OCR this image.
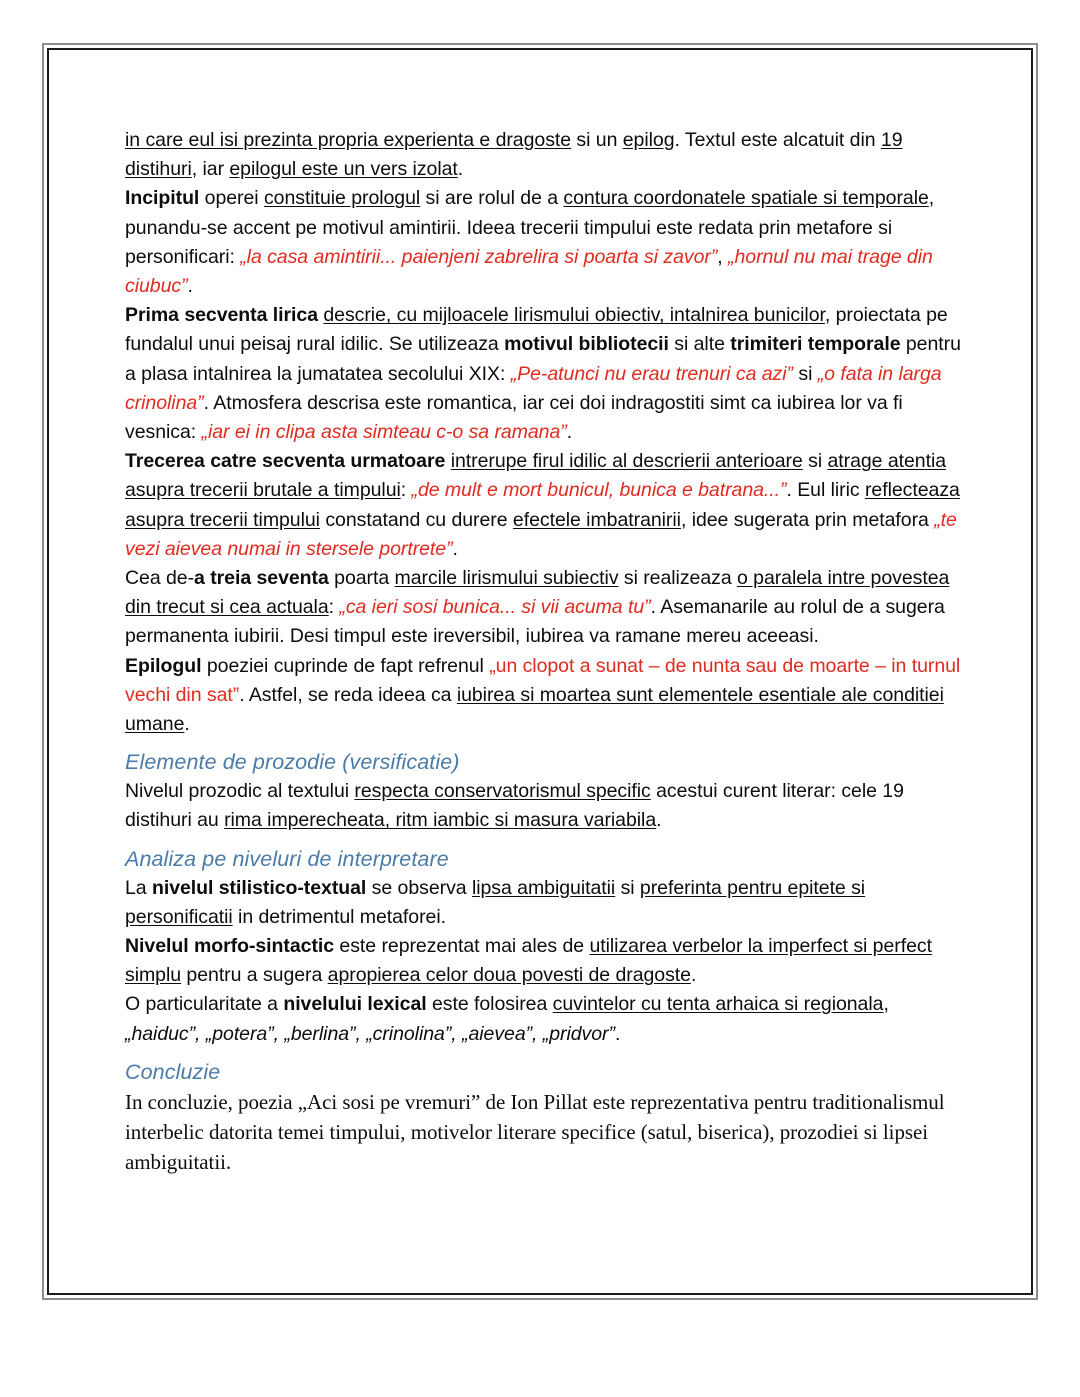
in care eul isi prezinta propria experienta e dragoste si un epilog. Textul este alcatuit din 19 distihuri, iar epilogul este un vers izolat.

Incipitul operei constituie prologul si are rolul de a contura coordonatele spatiale si temporale, punandu-se accent pe motivul amintirii. Ideea trecerii timpului este redata prin metafore si personificari: „la casa amintirii... paienjeni zabrelira si poarta si zavor”, „hornul nu mai trage din ciubuc”.

Prima secventa lirica descrie, cu mijloacele lirismului obiectiv, intalnirea bunicilor, proiectata pe fundalul unui peisaj rural idilic. Se utilizeaza motivul bibliotecii si alte trimiteri temporale pentru a plasa intalnirea la jumatatea secolului XIX: „Pe-atunci nu erau trenuri ca azi” si „o fata in larga crinolina”. Atmosfera descrisa este romantica, iar cei doi indragostiti simt ca iubirea lor va fi vesnica: „iar ei in clipa asta simteau c-o sa ramana”.

Trecerea catre secventa urmatoare intrerupe firul idilic al descrierii anterioare si atrage atentia asupra trecerii brutale a timpului: „de mult e mort bunicul, bunica e batrana...”. Eul liric reflecteaza asupra trecerii timpului constatand cu durere efectele imbatranirii, idee sugerata prin metafora „te vezi aievea numai in stersele portrete”.

Cea de-a treia seventa poarta marcile lirismului subiectiv si realizeaza o paralela intre povestea din trecut si cea actuala: „ca ieri sosi bunica... si vii acuma tu”. Asemanarile au rolul de a sugera permanenta iubirii. Desi timpul este ireversibil, iubirea va ramane mereu aceeasi.

Epilogul poeziei cuprinde de fapt refrenul „un clopot a sunat – de nunta sau de moarte – in turnul vechi din sat”. Astfel, se reda ideea ca iubirea si moartea sunt elementele esentiale ale conditiei umane.

Elemente de prozodie (versificatie)

Nivelul prozodic al textului respecta conservatorismul specific acestui curent literar: cele 19 distihuri au rima imperecheata, ritm iambic si masura variabila.

Analiza pe niveluri de interpretare

La nivelul stilistico-textual se observa lipsa ambiguitatii si preferinta pentru epitete si personificatii in detrimentul metaforei.

Nivelul morfo-sintactic este reprezentat mai ales de utilizarea verbelor la imperfect si perfect simplu pentru a sugera apropierea celor doua povesti de dragoste.

O particularitate a nivelului lexical este folosirea cuvintelor cu tenta arhaica si regionala, „haiduc”, „potera”, „berlina”, „crinolina”, „aievea”, „pridvor”.

Concluzie

In concluzie, poezia „Aci sosi pe vremuri” de Ion Pillat este reprezentativa pentru traditionalismul interbelic datorita temei timpului, motivelor literare specifice (satul, biserica), prozodiei si lipsei ambiguitatii.
